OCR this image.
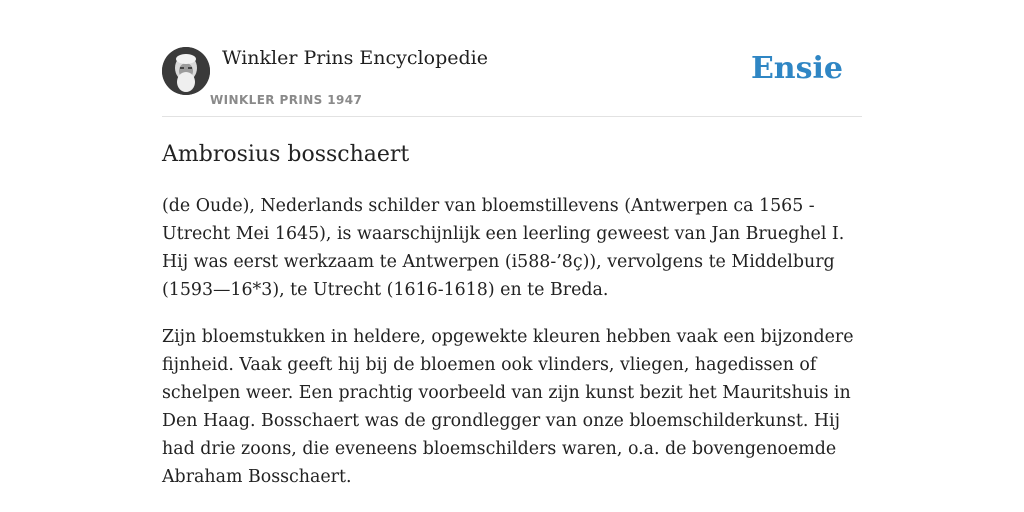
Winkler Prins Encyclopedie
WINKLER PRINS 1947
Ensie
Ambrosius bosschaert

(de Oude), Nederlands schilder van bloemstillevens (Antwerpen ca 1565 - Utrecht Mei 1645), is waarschijnlijk een leerling geweest van Jan Brueghel I. Hij was eerst werkzaam te Antwerpen (i588-’8ç)), vervolgens te Middelburg (1593—16*3), te Utrecht (1616-1618) en te Breda.

Zijn bloemstukken in heldere, opgewekte kleuren hebben vaak een bijzondere fijnheid. Vaak geeft hij bij de bloemen ook vlinders, vliegen, hagedissen of schelpen weer. Een prachtig voorbeeld van zijn kunst bezit het Mauritshuis in Den Haag. Bosschaert was de grondlegger van onze bloemschilderkunst. Hij had drie zoons, die eveneens bloemschilders waren, o.a. de bovengenoemde Abraham Bosschaert.
